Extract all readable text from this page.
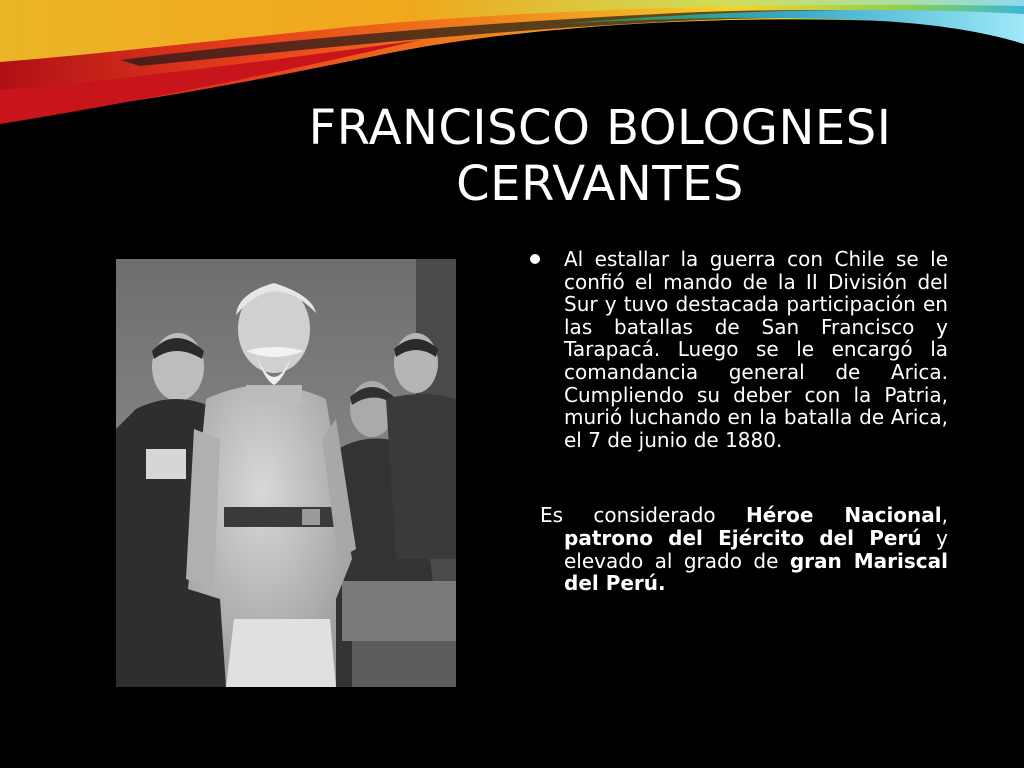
FRANCISCO BOLOGNESI
CERVANTES

Al estallar la guerra con Chile se le confió el mando de la II División del Sur y tuvo destacada participación en las batallas de San Francisco y Tarapacá. Luego se le encargó la comandancia general de Arica. Cumpliendo su deber con la Patria, murió luchando en la batalla de Arica, el 7 de junio de 1880.

Es considerado Héroe Nacional, patrono del Ejército del Perú y elevado al grado de gran Mariscal del Perú.
